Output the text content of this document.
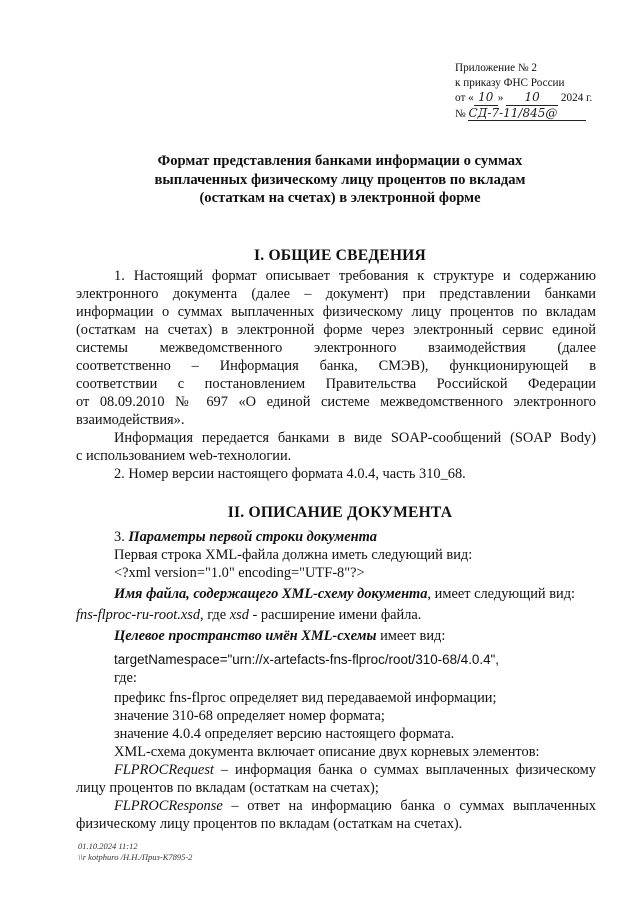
Приложение № 2
к приказу ФНС России
от « 10 » 10 2024 г.
№ СД-7-11/845@
Формат представления банками информации о суммах
выплаченных физическому лицу процентов по вкладам
(остаткам на счетах) в электронной форме
I. ОБЩИЕ СВЕДЕНИЯ
1. Настоящий формат описывает требования к структуре и содержанию
электронного документа (далее – документ) при представлении банками
информации о суммах выплаченных физическому лицу процентов по вкладам
(остаткам на счетах) в электронной форме через электронный сервис единой
системы межведомственного электронного взаимодействия (далее
соответственно – Информация банка, СМЭВ), функционирующей в
соответствии с постановлением Правительства Российской Федерации
от 08.09.2010 № 697 «О единой системе межведомственного электронного
взаимодействия».
Информация передается банками в виде SOAP-сообщений (SOAP Body)
с использованием web-технологии.
2. Номер версии настоящего формата 4.0.4, часть 310_68.
II. ОПИСАНИЕ ДОКУМЕНТА
3. Параметры первой строки документа
Первая строка XML-файла должна иметь следующий вид:
<?xml version="1.0" encoding="UTF-8"?>
Имя файла, содержащего XML-схему документа, имеет следующий вид:
fns-flproc-ru-root.xsd, где xsd - расширение имени файла.
Целевое пространство имён XML-схемы имеет вид:
targetNamespace="urn://x-artefacts-fns-flproc/root/310-68/4.0.4",
где:
префикс fns-flproc определяет вид передаваемой информации;
значение 310-68 определяет номер формата;
значение 4.0.4 определяет версию настоящего формата.
XML-схема документа включает описание двух корневых элементов:
FLPROCRequest – информация банка о суммах выплаченных физическому
лицу процентов по вкладам (остаткам на счетах);
FLPROCResponse – ответ на информацию банка о суммах выплаченных
физическому лицу процентов по вкладам (остаткам на счетах).
01.10.2024 11:12
\\r kotphuro /Н.Н./Приз-К7895-2
